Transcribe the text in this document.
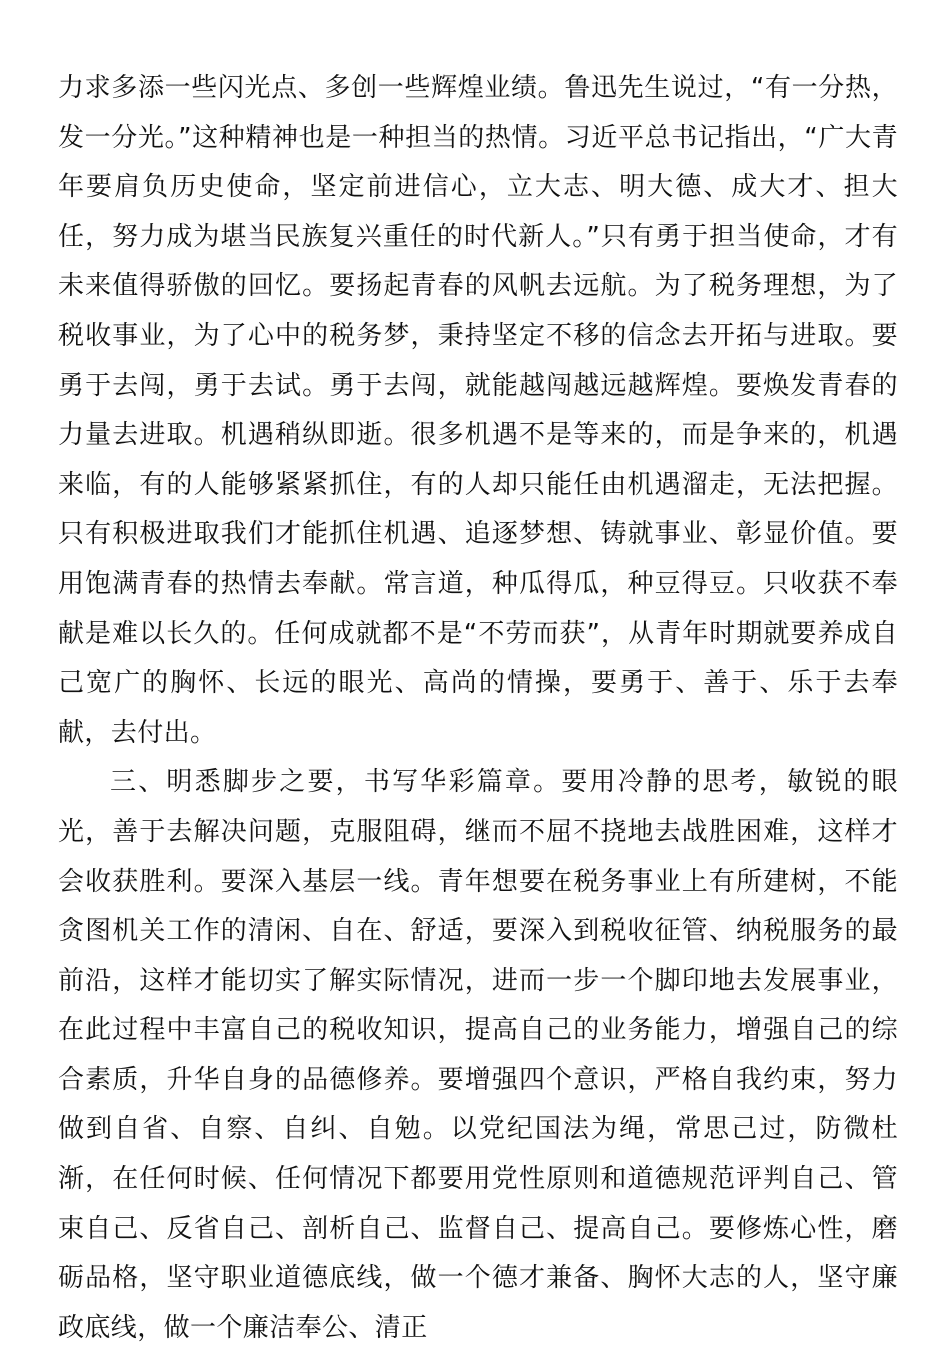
力求多添一些闪光点、多创一些辉煌业绩。鲁迅先生说过，“有一分热，发一分光。”这种精神也是一种担当的热情。习近平总书记指出，“广大青年要肩负历史使命，坚定前进信心，立大志、明大德、成大才、担大任，努力成为堪当民族复兴重任的时代新人。”只有勇于担当使命，才有未来值得骄傲的回忆。要扬起青春的风帆去远航。为了税务理想，为了税收事业，为了心中的税务梦，秉持坚定不移的信念去开拓与进取。要勇于去闯，勇于去试。勇于去闯，就能越闯越远越辉煌。要焕发青春的力量去进取。机遇稍纵即逝。很多机遇不是等来的，而是争来的，机遇来临，有的人能够紧紧抓住，有的人却只能任由机遇溜走，无法把握。只有积极进取我们才能抓住机遇、追逐梦想、铸就事业、彰显价值。要用饱满青春的热情去奉献。常言道，种瓜得瓜，种豆得豆。只收获不奉献是难以长久的。任何成就都不是“不劳而获”，从青年时期就要养成自己宽广的胸怀、长远的眼光、高尚的情操，要勇于、善于、乐于去奉献，去付出。

三、明悉脚步之要，书写华彩篇章。要用冷静的思考，敏锐的眼光，善于去解决问题，克服阻碍，继而不屈不挠地去战胜困难，这样才会收获胜利。要深入基层一线。青年想要在税务事业上有所建树，不能贪图机关工作的清闲、自在、舒适，要深入到税收征管、纳税服务的最前沿，这样才能切实了解实际情况，进而一步一个脚印地去发展事业，在此过程中丰富自己的税收知识，提高自己的业务能力，增强自己的综合素质，升华自身的品德修养。要增强四个意识，严格自我约束，努力做到自省、自察、自纠、自勉。以党纪国法为绳，常思己过，防微杜渐，在任何时候、任何情况下都要用党性原则和道德规范评判自己、管束自己、反省自己、剖析自己、监督自己、提高自己。要修炼心性，磨砺品格，坚守职业道德底线，做一个德才兼备、胸怀大志的人，坚守廉政底线，做一个廉洁奉公、清正
